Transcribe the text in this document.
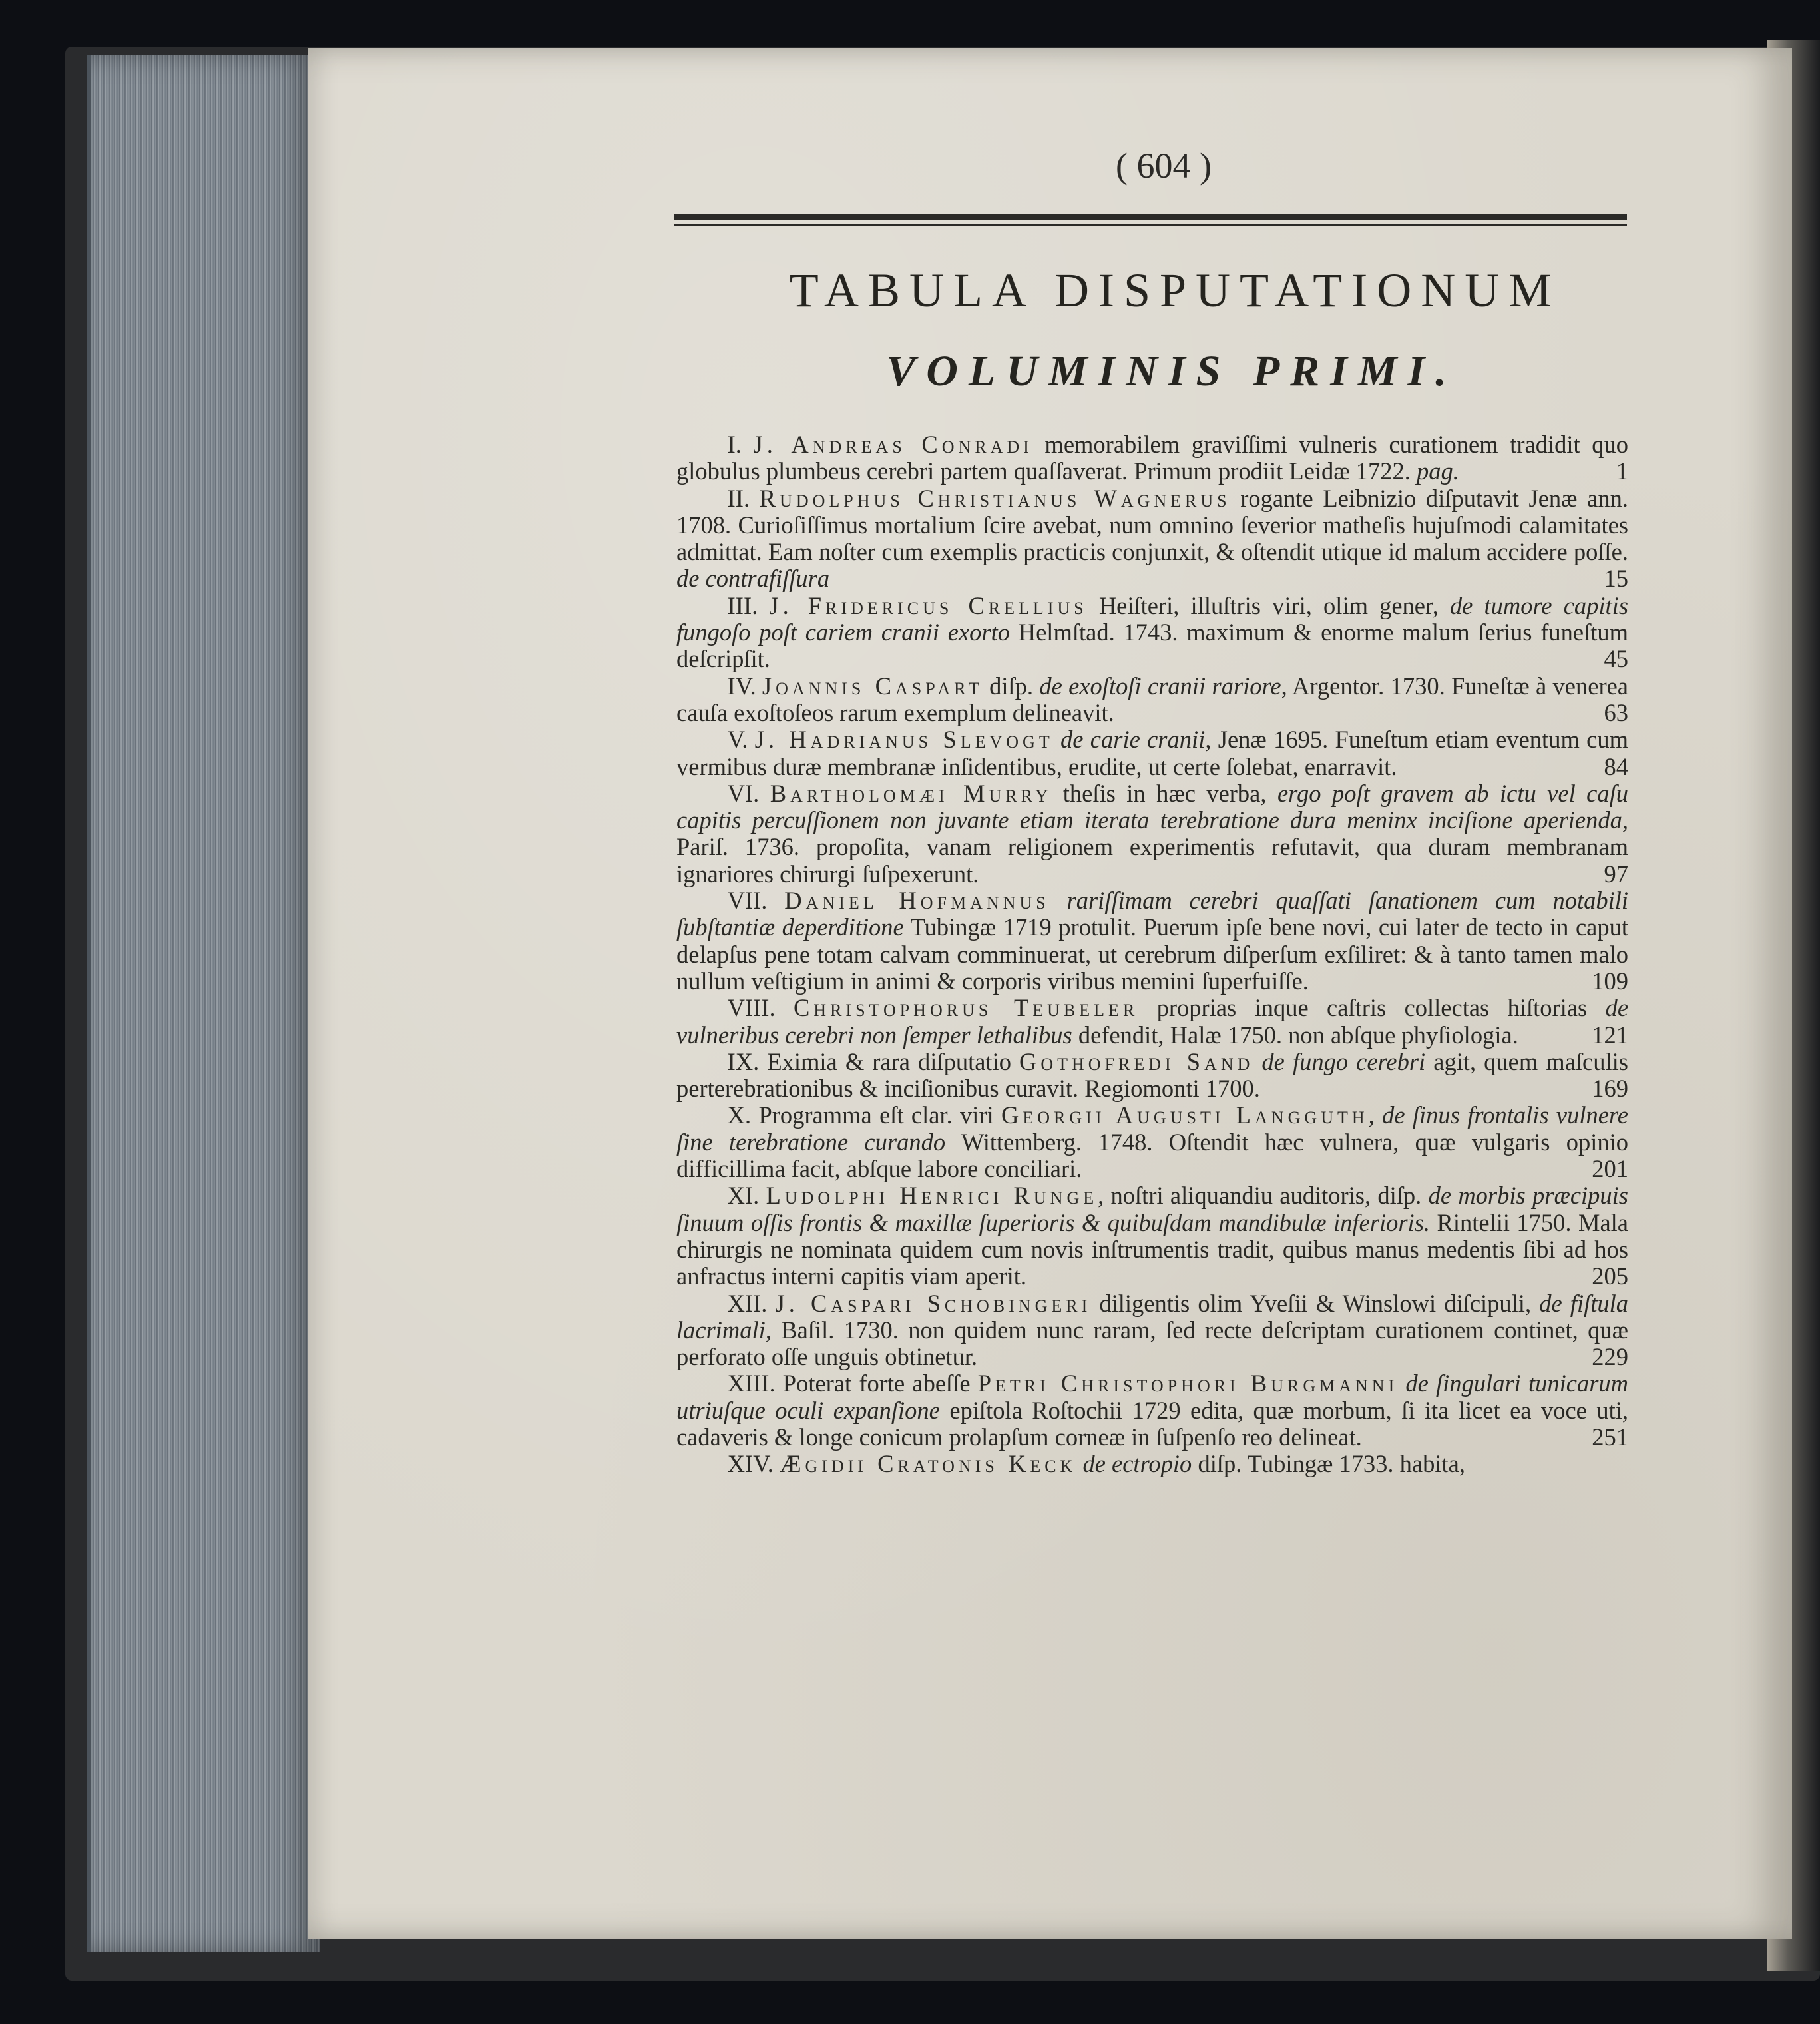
( 604 )
TABULA DISPUTATIONUM
VOLUMINIS PRIMI.

I. J. Andreas Conradi memorabilem graviſſimi vulneris curationem tradidit quo globulus plumbeus cerebri partem quaſſaverat. Primum prodiit Leidæ 1722. pag.	1

II. Rudolphus Christianus Wagnerus rogante Leibnizio diſputavit Jenæ ann. 1708. Curioſiſſimus mortalium ſcire avebat, num omnino ſeverior matheſis hujuſmodi calamitates admittat. Eam noſter cum exemplis practicis conjunxit, & oſtendit utique id malum accidere poſſe. de contrafiſſura	15

III. J. Fridericus Crellius Heiſteri, illuſtris viri, olim gener, de tumore capitis fungoſo poſt cariem cranii exorto Helmſtad. 1743. maximum & enorme malum ſerius funeſtum deſcripſit.	45

IV. Joannis Caspart diſp. de exoſtoſi cranii rariore, Argentor. 1730. Funeſtæ à venerea cauſa exoſtoſeos rarum exemplum delineavit.	63

V. J. Hadrianus Slevogt de carie cranii, Jenæ 1695. Funeſtum etiam eventum cum vermibus duræ membranæ inſidentibus, erudite, ut certe ſolebat, enarravit.	84

VI. Bartholomæi Murry theſis in hæc verba, ergo poſt gravem ab ictu vel caſu capitis percuſſionem non juvante etiam iterata terebratione dura meninx inciſione aperienda, Pariſ. 1736. propoſita, vanam religionem experimentis refutavit, qua duram membranam ignariores chirurgi ſuſpexerunt.	97

VII. Daniel Hofmannus rariſſimam cerebri quaſſati ſanationem cum notabili ſubſtantiæ deperditione Tubingæ 1719 protulit. Puerum ipſe bene novi, cui later de tecto in caput delapſus pene totam calvam comminuerat, ut cerebrum diſperſum exſiliret: & à tanto tamen malo nullum veſtigium in animi & corporis viribus memini ſuperfuiſſe.	109

VIII. Christophorus Teubeler proprias inque caſtris collectas hiſtorias de vulneribus cerebri non ſemper lethalibus defendit, Halæ 1750. non abſque phyſiologia.	121

IX. Eximia & rara diſputatio Gothofredi Sand de fungo cerebri agit, quem maſculis perterebrationibus & inciſionibus curavit. Regiomonti 1700.	169

X. Programma eſt clar. viri Georgii Augusti Langguth, de ſinus frontalis vulnere ſine terebratione curando Wittemberg. 1748. Oſtendit hæc vulnera, quæ vulgaris opinio difficillima facit, abſque labore conciliari.	201

XI. Ludolphi Henrici Runge, noſtri aliquandiu auditoris, diſp. de morbis præcipuis ſinuum oſſis frontis & maxillæ ſuperioris & quibuſdam mandibulæ inferioris. Rintelii 1750. Mala chirurgis ne nominata quidem cum novis inſtrumentis tradit, quibus manus medentis ſibi ad hos anfractus interni capitis viam aperit.	205

XII. J. Caspari Schobingeri diligentis olim Yveſii & Winslowi diſcipuli, de fiſtula lacrimali, Baſil. 1730. non quidem nunc raram, ſed recte deſcriptam curationem continet, quæ perforato oſſe unguis obtinetur.	229

XIII. Poterat forte abeſſe Petri Christophori Burgmanni de ſingulari tunicarum utriuſque oculi expanſione epiſtola Roſtochii 1729 edita, quæ morbum, ſi ita licet ea voce uti, cadaveris & longe conicum prolapſum corneæ in ſuſpenſo reo delineat.	251

XIV. Ægidii Cratonis Keck de ectropio diſp. Tubingæ 1733. habita,
